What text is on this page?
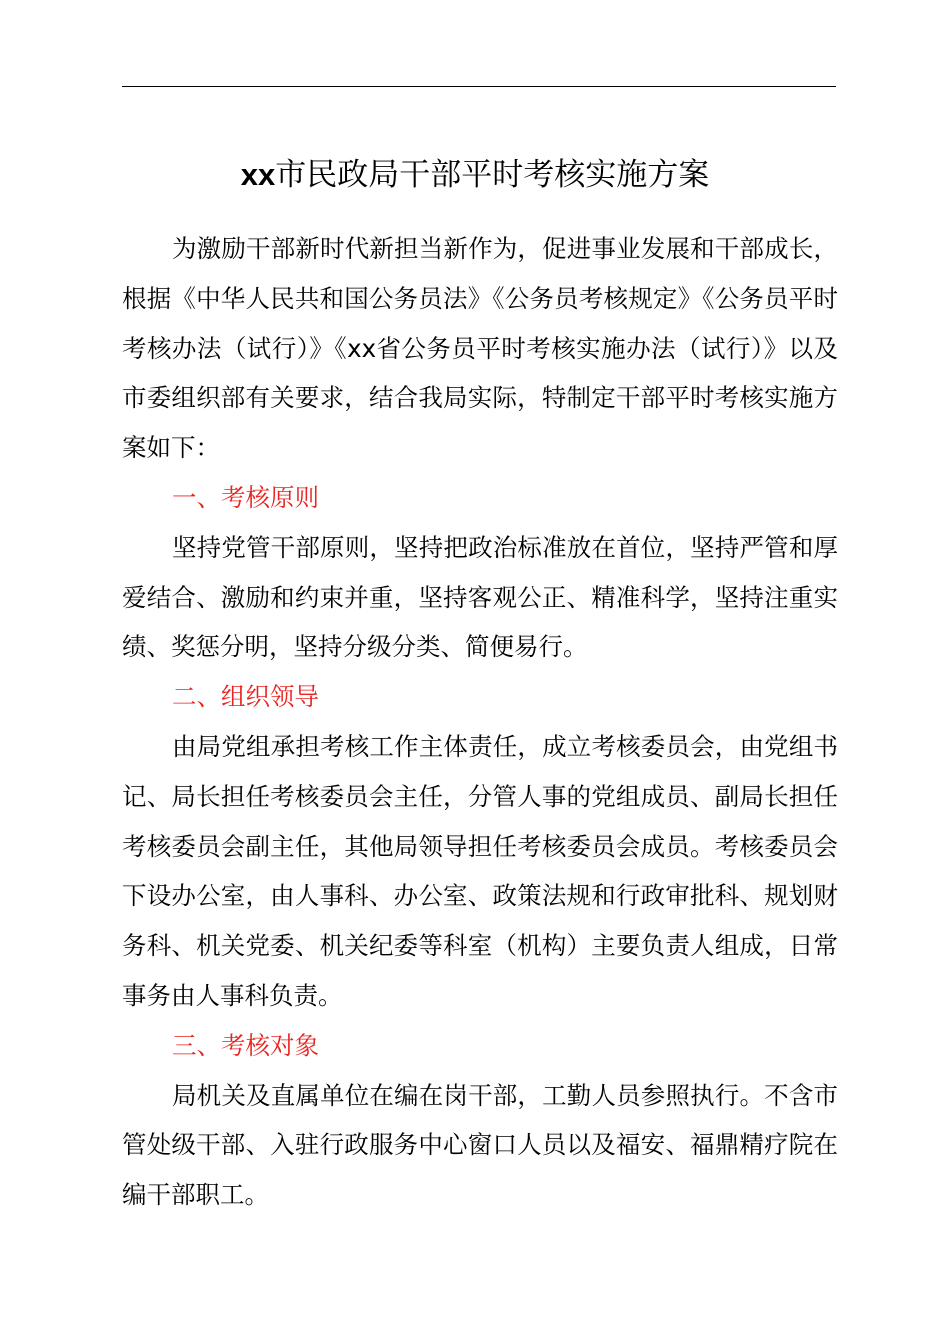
xx市民政局干部平时考核实施方案

为激励干部新时代新担当新作为，促进事业发展和干部成长，根据《中华人民共和国公务员法》《公务员考核规定》《公务员平时考核办法（试行）》《xx省公务员平时考核实施办法（试行）》以及市委组织部有关要求，结合我局实际，特制定干部平时考核实施方案如下：

一、考核原则

坚持党管干部原则，坚持把政治标准放在首位，坚持严管和厚爱结合、激励和约束并重，坚持客观公正、精准科学，坚持注重实绩、奖惩分明，坚持分级分类、简便易行。

二、组织领导

由局党组承担考核工作主体责任，成立考核委员会，由党组书记、局长担任考核委员会主任，分管人事的党组成员、副局长担任考核委员会副主任，其他局领导担任考核委员会成员。考核委员会下设办公室，由人事科、办公室、政策法规和行政审批科、规划财务科、机关党委、机关纪委等科室（机构）主要负责人组成，日常事务由人事科负责。

三、考核对象

局机关及直属单位在编在岗干部，工勤人员参照执行。不含市管处级干部、入驻行政服务中心窗口人员以及福安、福鼎精疗院在编干部职工。
